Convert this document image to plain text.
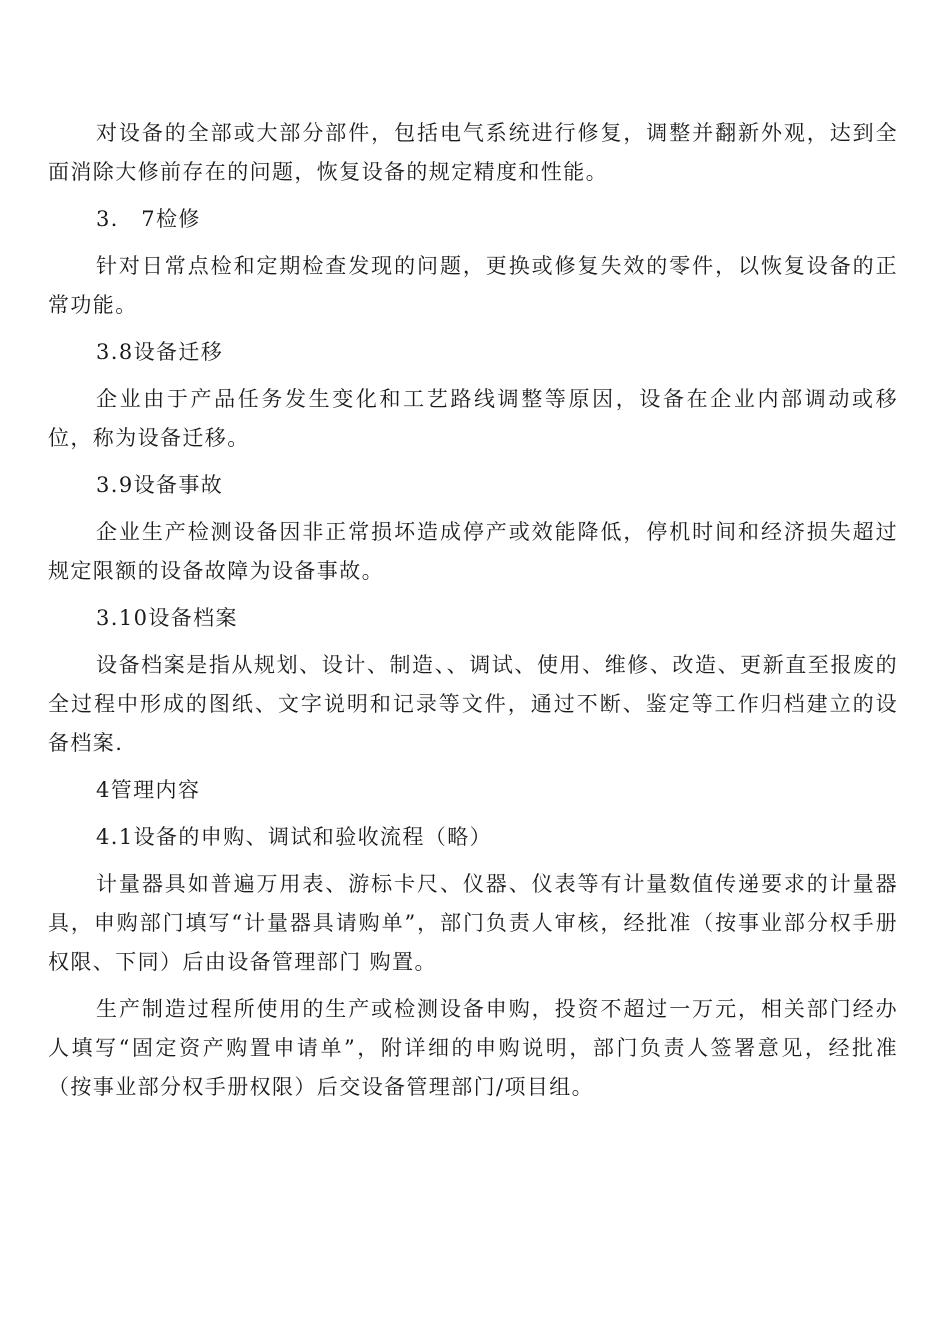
对设备的全部或大部分部件，包括电气系统进行修复，调整并翻新外观，达到全面消除大修前存在的问题，恢复设备的规定精度和性能。

3． 7检修

针对日常点检和定期检查发现的问题，更换或修复失效的零件，以恢复设备的正常功能。

3.8设备迁移

企业由于产品任务发生变化和工艺路线调整等原因，设备在企业内部调动或移位，称为设备迁移。

3.9设备事故

企业生产检测设备因非正常损坏造成停产或效能降低，停机时间和经济损失超过规定限额的设备故障为设备事故。

3.10设备档案

设备档案是指从规划、设计、制造、、调试、使用、维修、改造、更新直至报废的全过程中形成的图纸、文字说明和记录等文件，通过不断、鉴定等工作归档建立的设备档案.

4管理内容

4.1设备的申购、调试和验收流程（略）

计量器具如普遍万用表、游标卡尺、仪器、仪表等有计量数值传递要求的计量器具，申购部门填写“计量器具请购单”，部门负责人审核，经批准（按事业部分权手册权限、下同）后由设备管理部门 购置。

生产制造过程所使用的生产或检测设备申购，投资不超过一万元，相关部门经办人填写“固定资产购置申请单”，附详细的申购说明，部门负责人签署意见，经批准（按事业部分权手册权限）后交设备管理部门/项目组。
